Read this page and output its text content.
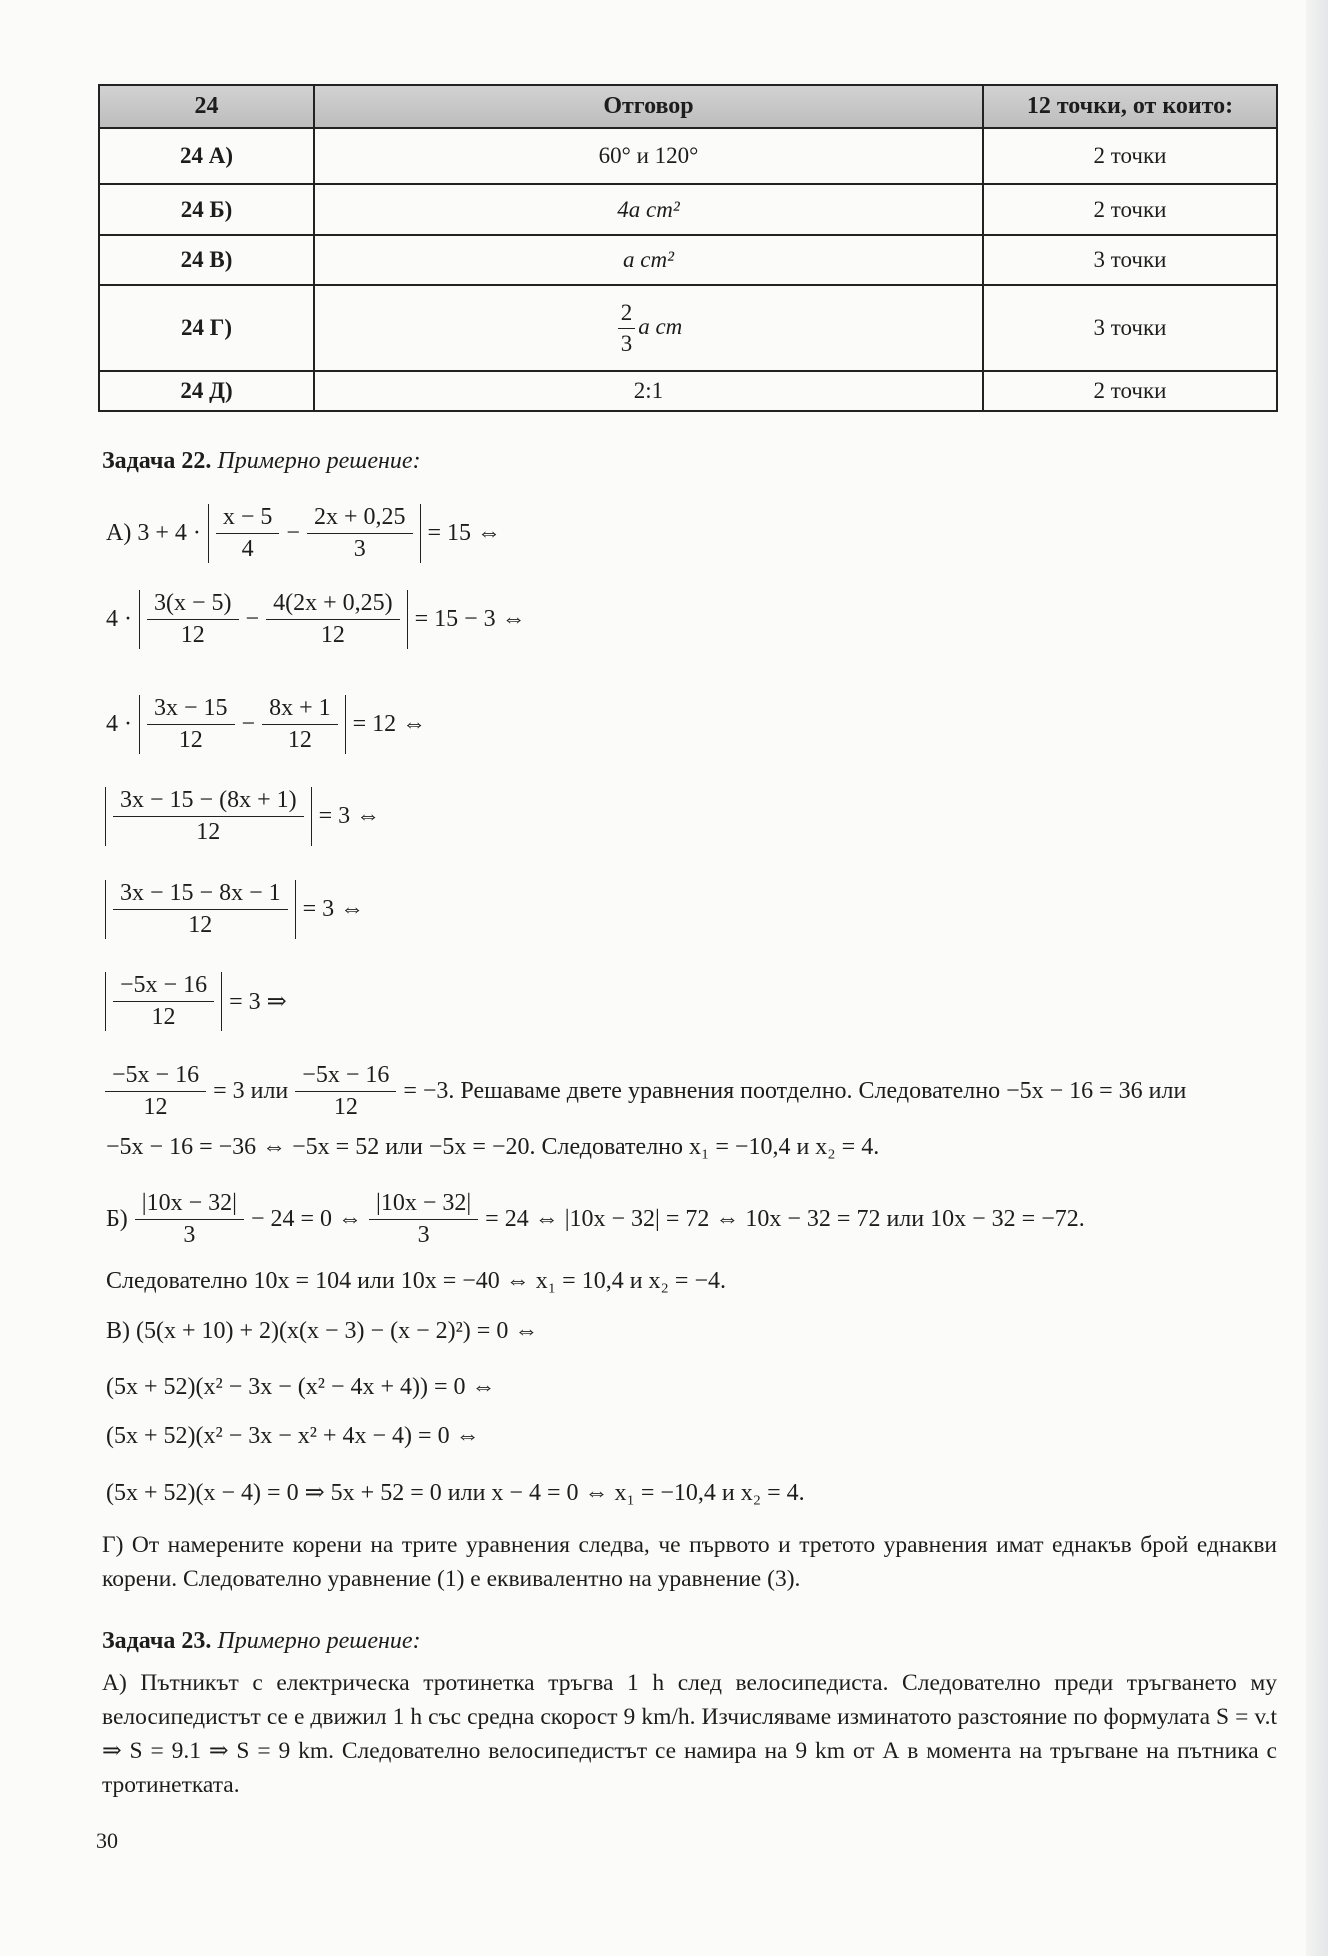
24	Отговор	12 точки, от които:
24 А)	60° и 120°	2 точки
24 Б)	4a cm²	2 точки
24 В)	a cm²	3 точки
24 Г)	$\frac{2}{3}$ a cm	3 точки
24 Д)	2:1	2 точки
Задача 22. Примерно решение:
А) $3 + 4 \cdot \frac{x - 5}{4} - \frac{2x + 0,25}{3} = 15$ ⇔
$4 \cdot \frac{3(x - 5)}{12} - \frac{4(2x + 0,25)}{12} = 15 - 3$ ⇔
$4 \cdot \frac{3x - 15}{12} - \frac{8x + 1}{12} = 12$ ⇔
$\frac{3x - 15 - (8x + 1)}{12} = 3$ ⇔
$\frac{3x - 15 - 8x - 1}{12} = 3$ ⇔
$\frac{-5x - 16}{12} = 3$ ⇒
$\frac{-5x - 16}{12} = 3$ или $\frac{-5x - 16}{12} = -3$. Решаваме двете уравнения поотделно. Следователно −5x − 16 = 36 или
−5x − 16 = −36 ⇔ −5x = 52 или −5x = −20. Следователно x₁ = −10,4 и x₂ = 4.
$Б) \frac{|10x - 32|}{3} - 24 = 0$ ⇔ $\frac{|10x - 32|}{3} = 24$ ⇔ |10x − 32| = 72 ⇔ 10x − 32 = 72 или 10x − 32 = −72.
Следователно 10x = 104 или 10x = −40 ⇔ x₁ = 10,4 и x₂ = −4.
В) (5(x + 10) + 2)(x(x − 3) − (x − 2)²) = 0 ⇔
(5x + 52)(x² − 3x − (x² − 4x + 4)) = 0 ⇔
(5x + 52)(x² − 3x − x² + 4x − 4) = 0 ⇔
(5x + 52)(x − 4) = 0 ⇒ 5x + 52 = 0 или x − 4 = 0 ⇔ x₁ = −10,4 и x₂ = 4.
Г) От намерените корени на трите уравнения следва, че първото и третото уравнения имат еднакъв брой еднакви корени. Следователно уравнение (1) е еквивалентно на уравнение (3).
Задача 23. Примерно решение:
А) Пътникът с електрическа тротинетка тръгва 1 h след велосипедиста. Следователно преди тръгването му велосипедистът се е движил 1 h със средна скорост 9 km/h. Изчисляваме изминатото разстояние по формулата S = v.t ⇒ S = 9.1 ⇒ S = 9 km. Следователно велосипедистът се намира на 9 km от А в момента на тръгване на пътника с тротинетката.
30
